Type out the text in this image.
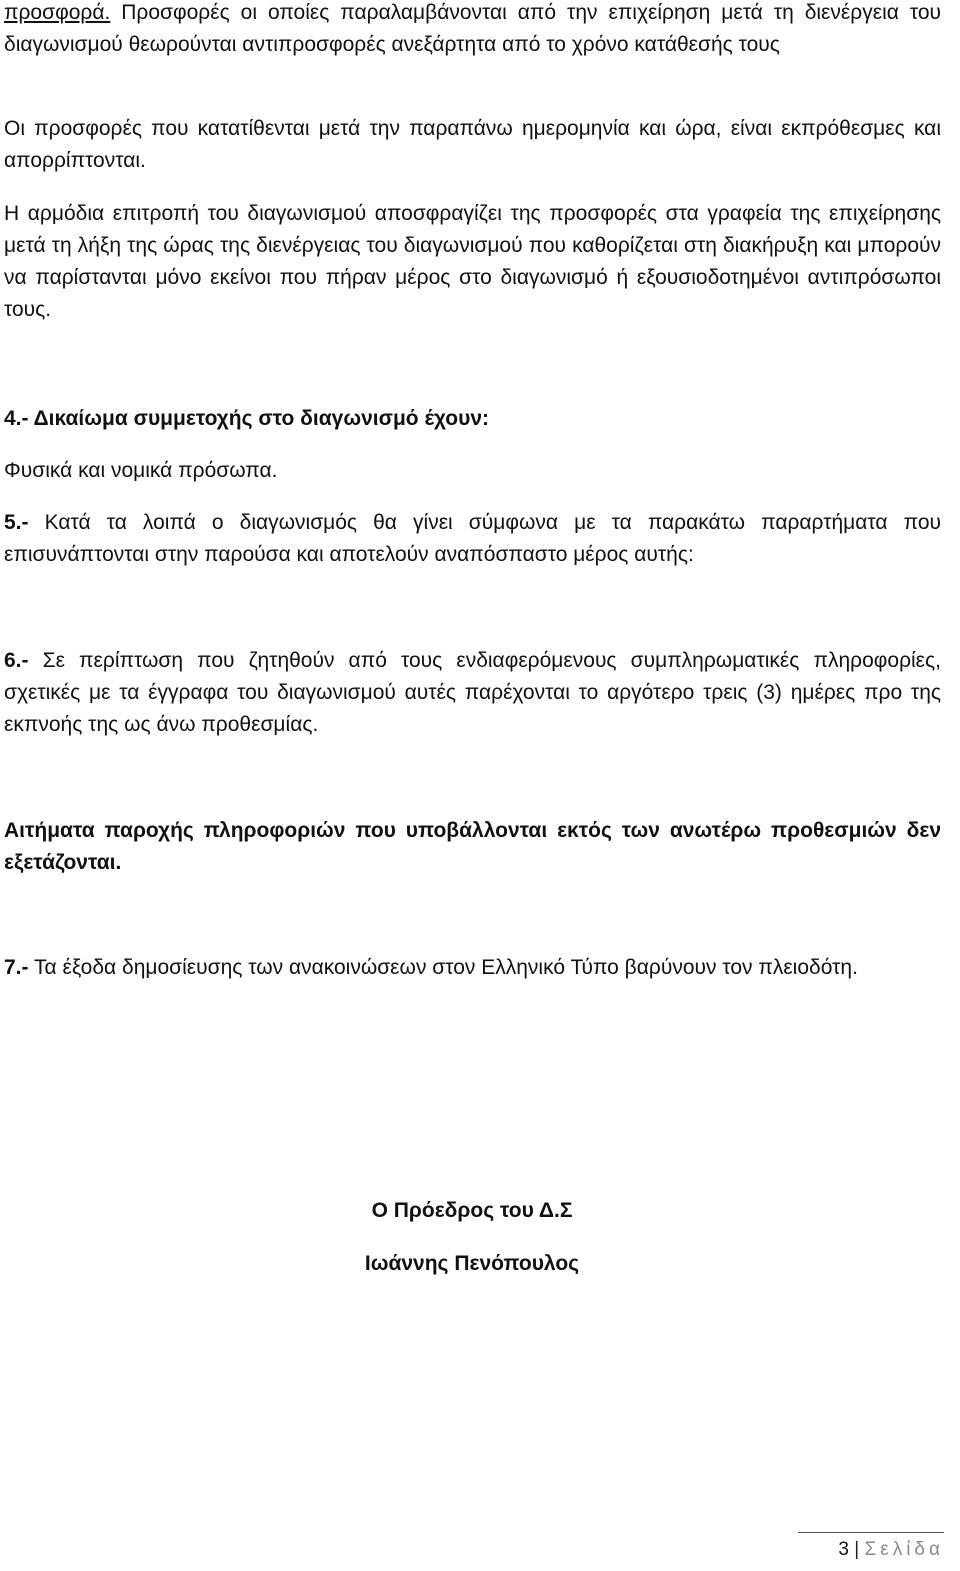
προσφορά. Προσφορές οι οποίες παραλαμβάνονται από την επιχείρηση μετά τη διενέργεια του διαγωνισμού θεωρούνται αντιπροσφορές ανεξάρτητα από το χρόνο κατάθεσής τους

Οι προσφορές που κατατίθενται μετά την παραπάνω ημερομηνία και ώρα, είναι εκπρόθεσμες και απορρίπτονται.

Η αρμόδια επιτροπή του διαγωνισμού αποσφραγίζει της προσφορές στα γραφεία της επιχείρησης μετά τη λήξη της ώρας της διενέργειας του διαγωνισμού που καθορίζεται στη διακήρυξη και μπορούν να παρίστανται μόνο εκείνοι που πήραν μέρος στο διαγωνισμό ή εξουσιοδοτημένοι αντιπρόσωποι τους.

4.- Δικαίωμα συμμετοχής στο διαγωνισμό έχουν:

Φυσικά και νομικά πρόσωπα.

5.- Κατά τα λοιπά ο διαγωνισμός θα γίνει σύμφωνα με τα παρακάτω παραρτήματα που επισυνάπτονται στην παρούσα και αποτελούν αναπόσπαστο μέρος αυτής:

6.- Σε περίπτωση που ζητηθούν από τους ενδιαφερόμενους συμπληρωματικές πληροφορίες, σχετικές με τα έγγραφα του διαγωνισμού αυτές παρέχονται το αργότερο τρεις (3) ημέρες προ της εκπνοής της ως άνω προθεσμίας.

Αιτήματα παροχής πληροφοριών που υποβάλλονται εκτός των ανωτέρω προθεσμιών δεν εξετάζονται.

7.- Τα έξοδα δημοσίευσης των ανακοινώσεων στον Ελληνικό Τύπο βαρύνουν τον πλειοδότη.

Ο Πρόεδρος του Δ.Σ

Ιωάννης Πενόπουλος

3 | Σελίδα
